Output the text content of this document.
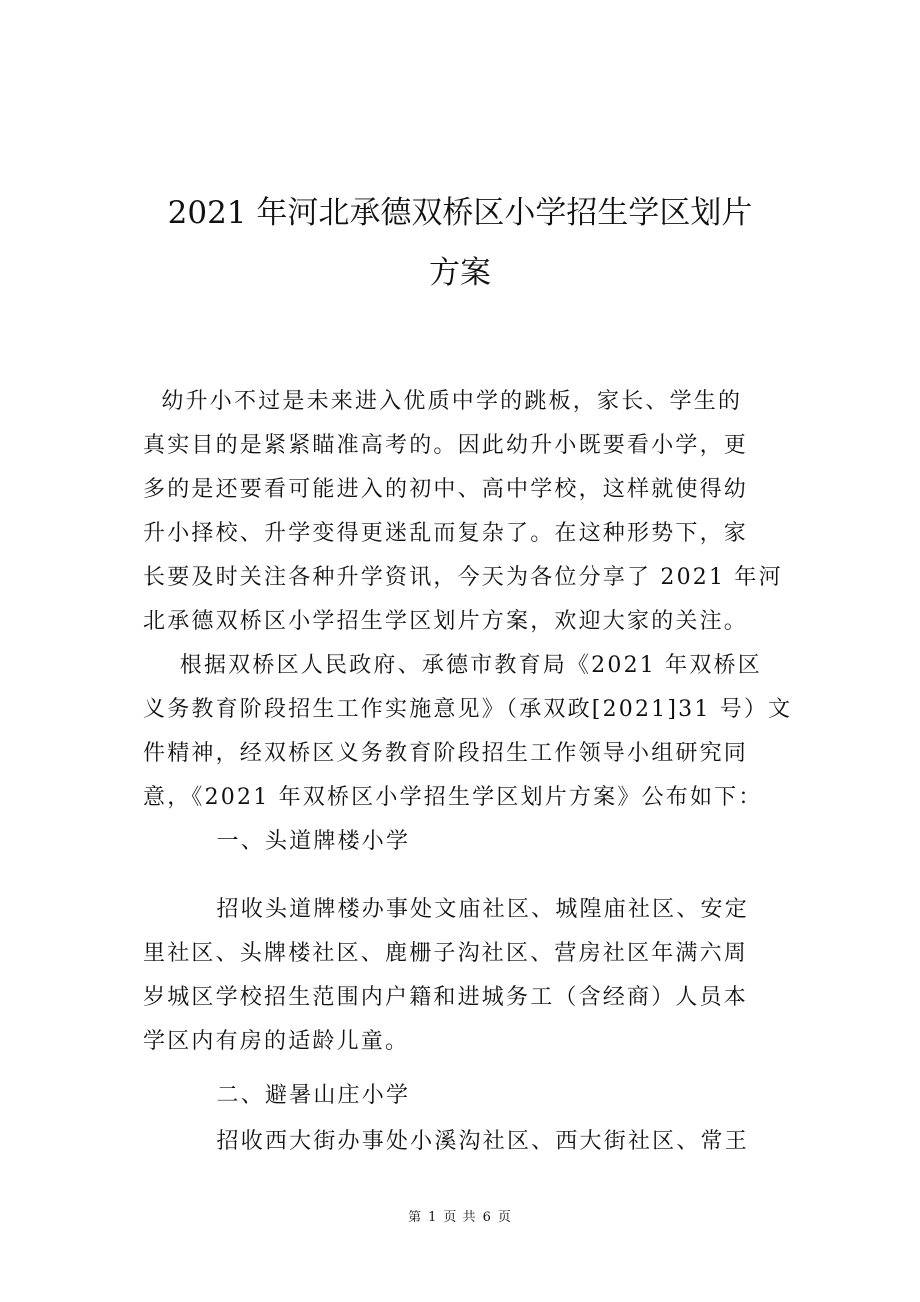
2021 年河北承德双桥区小学招生学区划片
方案
幼升小不过是未来进入优质中学的跳板，家长、学生的
真实目的是紧紧瞄准高考的。因此幼升小既要看小学，更
多的是还要看可能进入的初中、高中学校，这样就使得幼
升小择校、升学变得更迷乱而复杂了。在这种形势下，家
长要及时关注各种升学资讯，今天为各位分享了 2021 年河
北承德双桥区小学招生学区划片方案，欢迎大家的关注。
根据双桥区人民政府、承德市教育局《2021 年双桥区
义务教育阶段招生工作实施意见》（承双政[2021]31 号）文
件精神，经双桥区义务教育阶段招生工作领导小组研究同
意，《2021 年双桥区小学招生学区划片方案》公布如下：
一、头道牌楼小学
招收头道牌楼办事处文庙社区、城隍庙社区、安定
里社区、头牌楼社区、鹿栅子沟社区、营房社区年满六周
岁城区学校招生范围内户籍和进城务工（含经商）人员本
学区内有房的适龄儿童。
二、避暑山庄小学
招收西大街办事处小溪沟社区、西大街社区、常王
第 1 页 共 6 页
